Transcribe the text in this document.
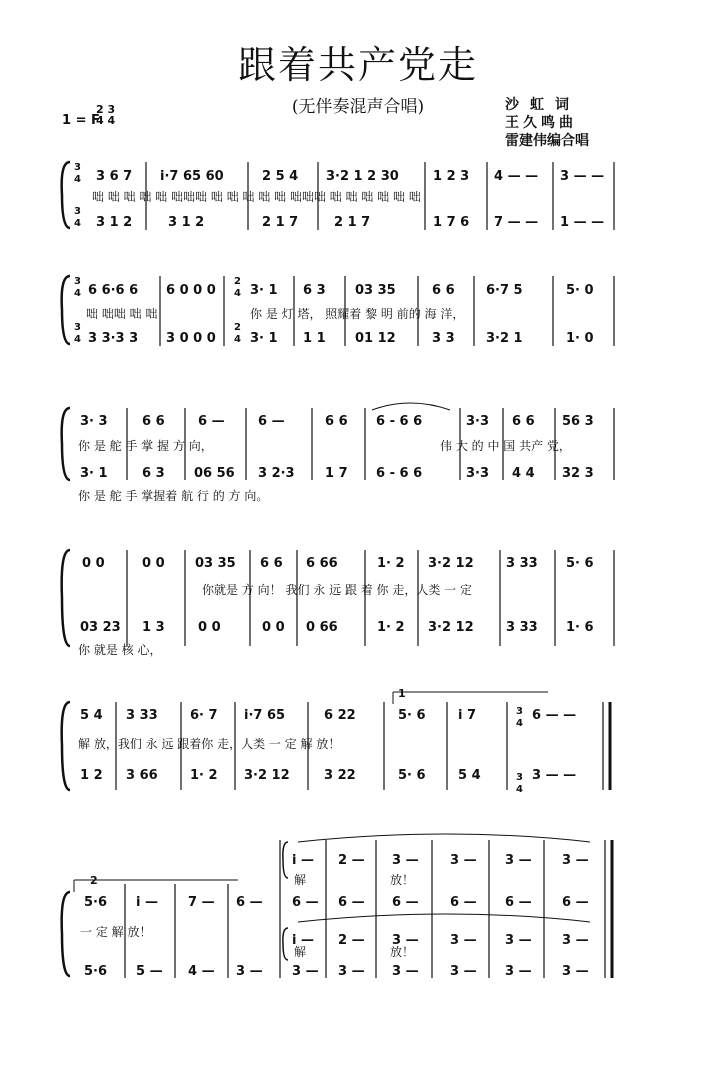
跟着共产党走
(无伴奏混声合唱)
1 = F
2 3
4 4
沙虹词
王久鸣曲
雷建伟编合唱
3
4
3
4
3 6 7 i·7 65 60	2 5 4 3·2 1 2 30	1 2 3 4 — — 3 — —
咄 咄 咄 咄 咄 咄咄咄 咄 咄 咄 咄 咄 咄咄咄 咄 咄 咄 咄 咄 咄
3 1 2	3 1 2	2 1 7	2 1 7	1 7 6 7 — — 1 — —
3
4
3
4
2
4
2
4
6 6·6 6 6 0 0 0	3· 1 6 3 03 35	6 6 6·7 5	5· 0
咄 咄咄 咄 咄	你 是 灯 塔， 照耀着 黎 明 前的 海 洋，
3 3·3 3 3 0 0 0	3· 1 1 1 01 12	3 3 3·2 1	1· 0
3· 3	6 6	6 —	6 —	6 6 6 - 6 6	3·3 6 6 56 3
你 是 舵 手 掌 握 方 向，	伟 大 的 中 国 共产 党，
3· 1	6 3 06 56 3 2·3 1 7 6 - 6 6	3·3 4 4 32 3
你 是 舵 手 掌握着 航 行 的 方 向。
0 0	0 0 03 35 6 6 6 66	1· 2 3·2 12 3 33 5· 6
你就是 方 向！ 我们 永 远 跟 着 你 走，人类 一 定
03 23 1 3	0 0	0 0 0 66	1· 2 3·2 12 3 33 1· 6
你 就是 核 心，
1
3
4
3
4
5 4 3 33 6· 7 i·7 65	6 22	5· 6 i 7	6 — —
解 放，我们 永 远 跟着你 走，人类 一 定 解 放！
1 2 3 66 1· 2 3·2 12	3 22	5· 6 5 4	3 — —
2
i — 2 — 3 — 3 — 3 — 3 —
解	放！
5·6 i — 7 — 6 — 6 — 6 — 6 — 6 — 6 — 6 —
一 定 解 放！
i — 2 — 3 — 3 — 3 — 3 —
解	放！
5·6 5 — 4 — 3 — 3 — 3 — 3 — 3 — 3 — 3 —
